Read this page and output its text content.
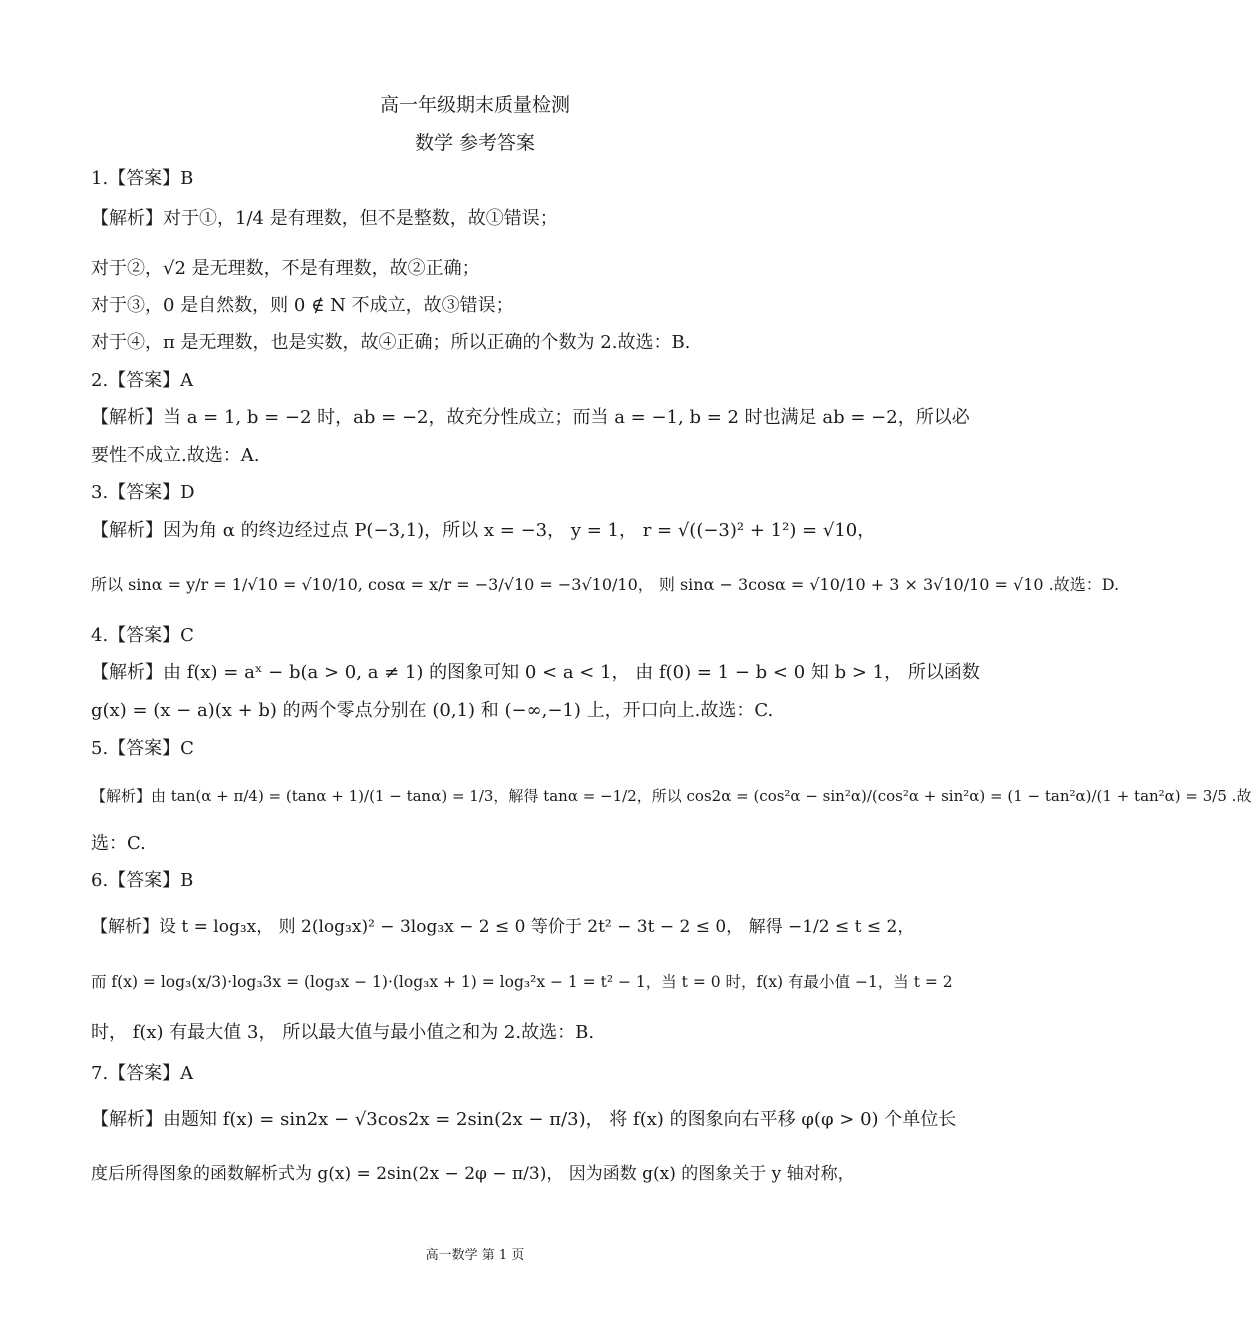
高一年级期末质量检测
数学 参考答案
1.【答案】B
【解析】对于①，1/4 是有理数，但不是整数，故①错误；
对于②，√2 是无理数，不是有理数，故②正确；
对于③，0 是自然数，则 0 ∉ N 不成立，故③错误；
对于④，π 是无理数，也是实数，故④正确；所以正确的个数为 2.故选：B.
2.【答案】A
【解析】当 a = 1, b = −2 时，ab = −2，故充分性成立；而当 a = −1, b = 2 时也满足 ab = −2，所以必
要性不成立.故选：A.
3.【答案】D
【解析】因为角 α 的终边经过点 P(−3,1)，所以 x = −3， y = 1， r = √((−3)² + 1²) = √10，
所以 sinα = y/r = 1/√10 = √10/10, cosα = x/r = −3/√10 = −3√10/10， 则 sinα − 3cosα = √10/10 + 3 × 3√10/10 = √10 .故选：D.
4.【答案】C
【解析】由 f(x) = aˣ − b(a > 0, a ≠ 1) 的图象可知 0 < a < 1， 由 f(0) = 1 − b < 0 知 b > 1， 所以函数
g(x) = (x − a)(x + b) 的两个零点分别在 (0,1) 和 (−∞,−1) 上，开口向上.故选：C.
5.【答案】C
【解析】由 tan(α + π/4) = (tanα + 1)/(1 − tanα) = 1/3，解得 tanα = −1/2，所以 cos2α = (cos²α − sin²α)/(cos²α + sin²α) = (1 − tan²α)/(1 + tan²α) = 3/5 .故
选：C.
6.【答案】B
【解析】设 t = log₃x， 则 2(log₃x)² − 3log₃x − 2 ≤ 0 等价于 2t² − 3t − 2 ≤ 0， 解得 −1/2 ≤ t ≤ 2，
而 f(x) = log₃(x/3)·log₃3x = (log₃x − 1)·(log₃x + 1) = log₃²x − 1 = t² − 1，当 t = 0 时，f(x) 有最小值 −1，当 t = 2
时， f(x) 有最大值 3， 所以最大值与最小值之和为 2.故选：B.
7.【答案】A
【解析】由题知 f(x) = sin2x − √3cos2x = 2sin(2x − π/3)， 将 f(x) 的图象向右平移 φ(φ > 0) 个单位长
度后所得图象的函数解析式为 g(x) = 2sin(2x − 2φ − π/3)， 因为函数 g(x) 的图象关于 y 轴对称，
高一数学 第 1 页
